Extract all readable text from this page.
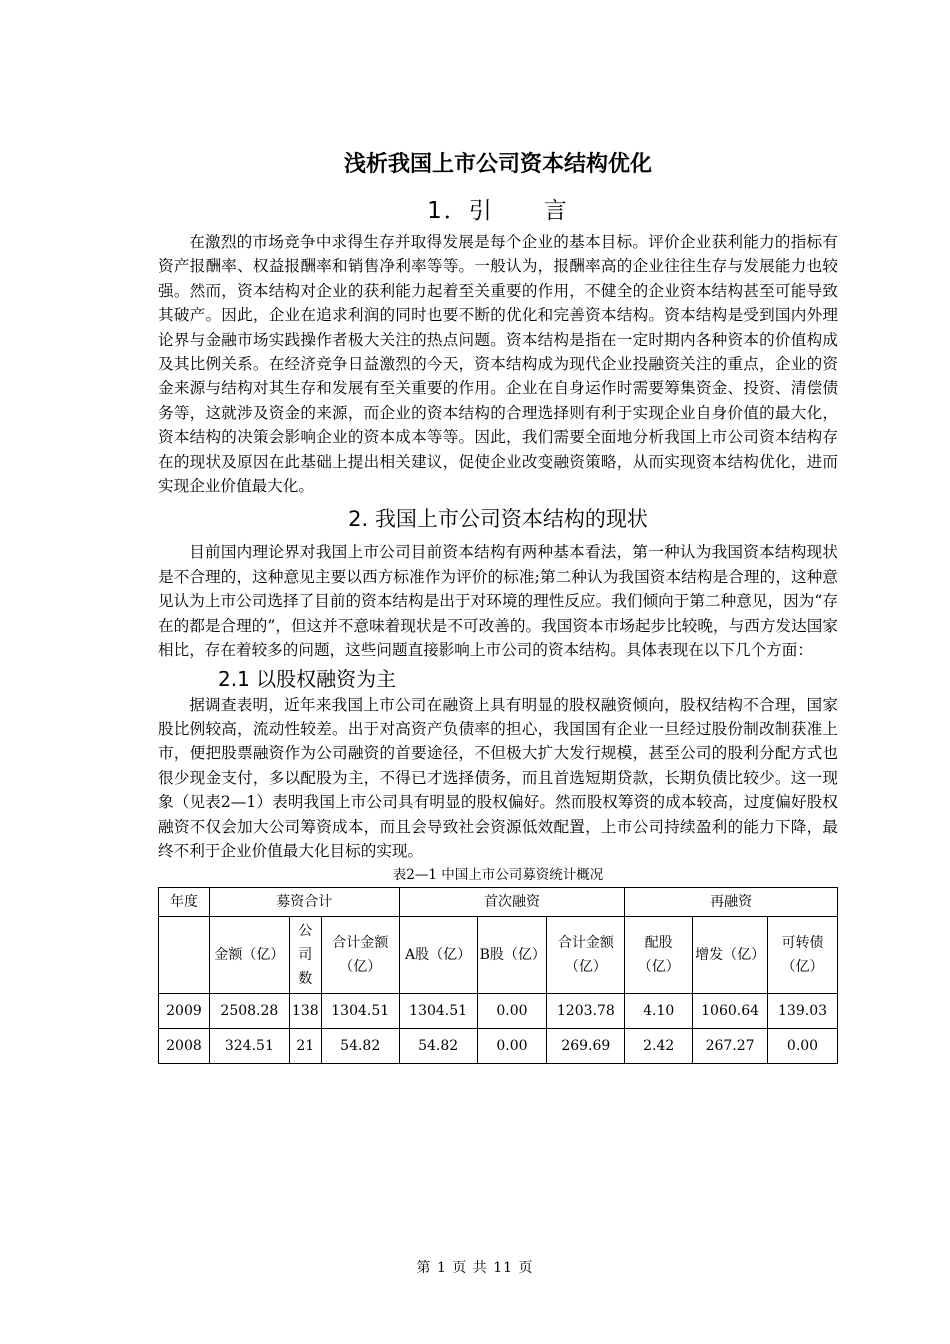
浅析我国上市公司资本结构优化
1．引　　言

在激烈的市场竞争中求得生存并取得发展是每个企业的基本目标。评价企业获利能力的指标有资产报酬率、权益报酬率和销售净利率等等。一般认为，报酬率高的企业往往生存与发展能力也较强。然而，资本结构对企业的获利能力起着至关重要的作用，不健全的企业资本结构甚至可能导致其破产。因此，企业在追求利润的同时也要不断的优化和完善资本结构。资本结构是受到国内外理论界与金融市场实践操作者极大关注的热点问题。资本结构是指在一定时期内各种资本的价值构成及其比例关系。在经济竞争日益激烈的今天，资本结构成为现代企业投融资关注的重点，企业的资金来源与结构对其生存和发展有至关重要的作用。企业在自身运作时需要筹集资金、投资、清偿债务等，这就涉及资金的来源，而企业的资本结构的合理选择则有利于实现企业自身价值的最大化，资本结构的决策会影响企业的资本成本等等。因此，我们需要全面地分析我国上市公司资本结构存在的现状及原因在此基础上提出相关建议，促使企业改变融资策略，从而实现资本结构优化，进而实现企业价值最大化。

2. 我国上市公司资本结构的现状

目前国内理论界对我国上市公司目前资本结构有两种基本看法，第一种认为我国资本结构现状是不合理的，这种意见主要以西方标准作为评价的标准;第二种认为我国资本结构是合理的，这种意见认为上市公司选择了目前的资本结构是出于对环境的理性反应。我们倾向于第二种意见，因为“存在的都是合理的”，但这并不意味着现状是不可改善的。我国资本市场起步比较晚，与西方发达国家相比，存在着较多的问题，这些问题直接影响上市公司的资本结构。具体表现在以下几个方面：

2.1 以股权融资为主

据调查表明，近年来我国上市公司在融资上具有明显的股权融资倾向，股权结构不合理，国家股比例较高，流动性较差。出于对高资产负债率的担心，我国国有企业一旦经过股份制改制获准上市，便把股票融资作为公司融资的首要途径，不但极大扩大发行规模，甚至公司的股利分配方式也很少现金支付，多以配股为主，不得已才选择债务，而且首选短期贷款，长期负债比较少。这一现象（见表2—1）表明我国上市公司具有明显的股权偏好。然而股权筹资的成本较高，过度偏好股权融资不仅会加大公司筹资成本，而且会导致社会资源低效配置，上市公司持续盈利的能力下降，最终不利于企业价值最大化目标的实现。

表2—1 中国上市公司募资统计概况
年度	募资合计			首次融资			再融资		
	金额（亿）	公司数	合计金额（亿）	A股（亿）	B股（亿）	合计金额（亿）	配股（亿）	增发（亿）	可转债（亿）
2009	2508.28	138	1304.51	1304.51	0.00	1203.78	4.10	1060.64	139.03
2008	324.51	21	54.82	54.82	0.00	269.69	2.42	267.27	0.00
第 1 页 共 11 页
